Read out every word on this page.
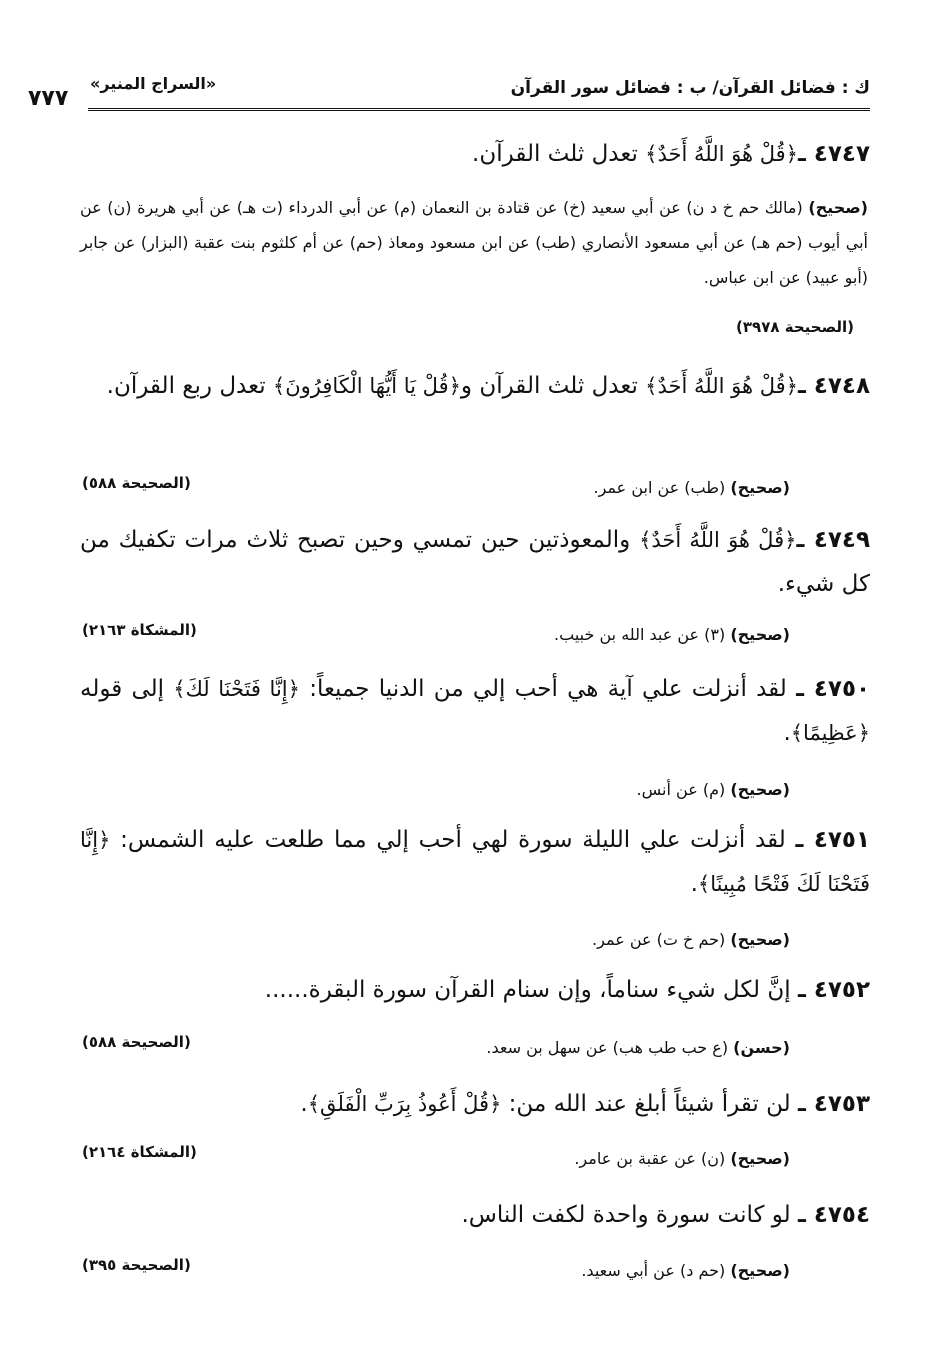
ك : فضائل القرآن/ ب : فضائل سور القرآن
«السراج المنير»
٧٧٧
٤٧٤٧ ـ﴿قُلْ هُوَ اللَّهُ أَحَدٌ﴾ تعدل ثلث القرآن.
(صحيح) (مالك حم خ د ن) عن أبي سعيد (خ) عن قتادة بن النعمان (م) عن أبي الدرداء (ت هـ) عن أبي هريرة (ن) عن أبي أيوب (حم هـ) عن أبي مسعود الأنصاري (طب) عن ابن مسعود ومعاذ (حم) عن أم كلثوم بنت عقبة (البزار) عن جابر (أبو عبيد) عن ابن عباس.
(الصحيحة ٣٩٧٨)
٤٧٤٨ ـ﴿قُلْ هُوَ اللَّهُ أَحَدٌ﴾ تعدل ثلث القرآن و﴿قُلْ يَا أَيُّهَا الْكَافِرُونَ﴾ تعدل ربع القرآن.
(صحيح) (طب) عن ابن عمر.
(الصحيحة ٥٨٨)
٤٧٤٩ ـ﴿قُلْ هُوَ اللَّهُ أَحَدٌ﴾ والمعوذتين حين تمسي وحين تصبح ثلاث مرات تكفيك من كل شيء.
(صحيح) (٣) عن عبد الله بن خبيب.
(المشكاة ٢١٦٣)
٤٧٥٠ ـ لقد أنزلت علي آية هي أحب إلي من الدنيا جميعاً: ﴿إِنَّا فَتَحْنَا لَكَ﴾ إلى قوله ﴿عَظِيمًا﴾.
(صحيح) (م) عن أنس.
٤٧٥١ ـ لقد أنزلت علي الليلة سورة لهي أحب إلي مما طلعت عليه الشمس: ﴿إِنَّا فَتَحْنَا لَكَ فَتْحًا مُبِينًا﴾.
(صحيح) (حم خ ت) عن عمر.
٤٧٥٢ ـ إنَّ لكل شيء سناماً، وإن سنام القرآن سورة البقرة......
(حسن) (ع حب طب هب) عن سهل بن سعد.
(الصحيحة ٥٨٨)
٤٧٥٣ ـ لن تقرأ شيئاً أبلغ عند الله من: ﴿قُلْ أَعُوذُ بِرَبِّ الْفَلَقِ﴾.
(صحيح) (ن) عن عقبة بن عامر.
(المشكاة ٢١٦٤)
٤٧٥٤ ـ لو كانت سورة واحدة لكفت الناس.
(صحيح) (حم د) عن أبي سعيد.
(الصحيحة ٣٩٥)
